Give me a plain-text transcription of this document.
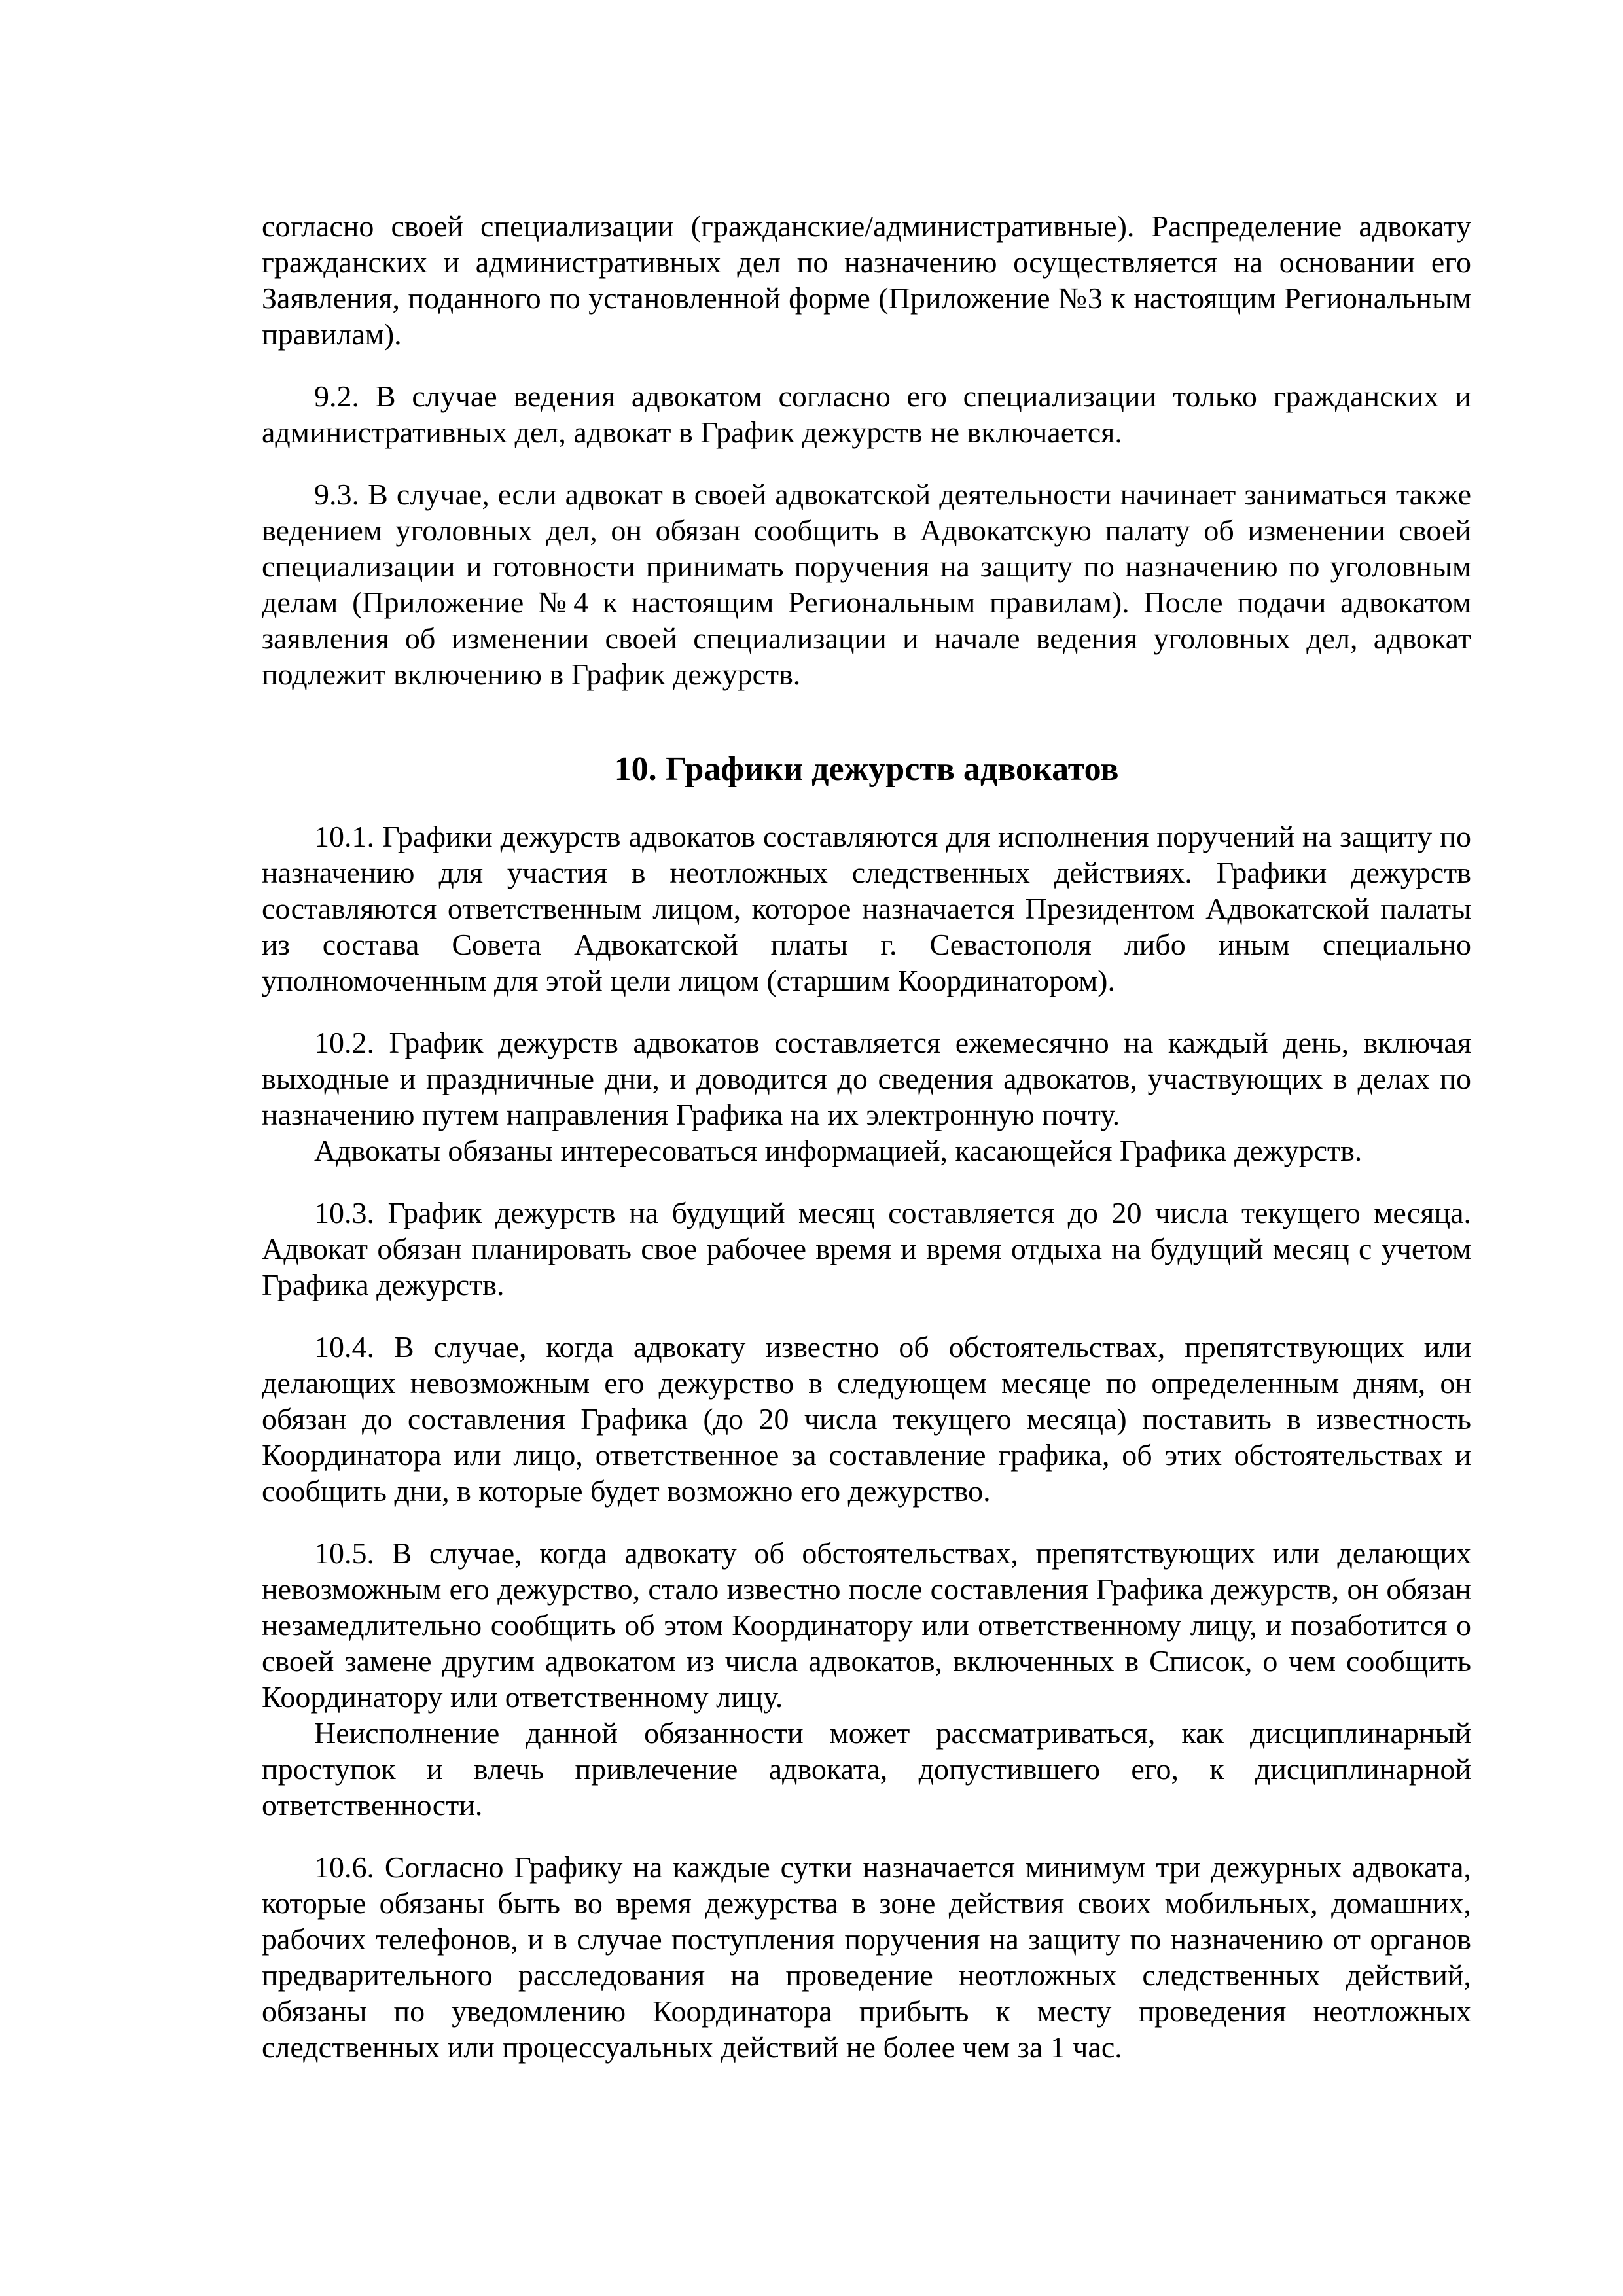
согласно своей специализации (гражданские/административные). Распределение адвокату гражданских и административных дел по назначению осуществляется на основании его Заявления, поданного по установленной форме (Приложение №3 к настоящим Региональным правилам).

9.2. В случае ведения адвокатом согласно его специализации только гражданских и административных дел, адвокат в График дежурств не включается.

9.3. В случае, если адвокат в своей адвокатской деятельности начинает заниматься также ведением уголовных дел, он обязан сообщить в Адвокатскую палату об изменении своей специализации и готовности принимать поручения на защиту по назначению по уголовным делам (Приложение №4 к настоящим Региональным правилам). После подачи адвокатом заявления об изменении своей специализации и начале ведения уголовных дел, адвокат подлежит включению в График дежурств.

10. Графики дежурств адвокатов

10.1. Графики дежурств адвокатов составляются для исполнения поручений на защиту по назначению для участия в неотложных следственных действиях. Графики дежурств составляются ответственным лицом, которое назначается Президентом Адвокатской палаты из состава Совета Адвокатской платы г. Севастополя либо иным специально уполномоченным для этой цели лицом (старшим Координатором).

10.2. График дежурств адвокатов составляется ежемесячно на каждый день, включая выходные и праздничные дни, и доводится до сведения адвокатов, участвующих в делах по назначению путем направления Графика на их электронную почту.

Адвокаты обязаны интересоваться информацией, касающейся Графика дежурств.

10.3. График дежурств на будущий месяц составляется до 20 числа текущего месяца. Адвокат обязан планировать свое рабочее время и время отдыха на будущий месяц с учетом Графика дежурств.

10.4. В случае, когда адвокату известно об обстоятельствах, препятствующих или делающих невозможным его дежурство в следующем месяце по определенным дням, он обязан до составления Графика (до 20 числа текущего месяца) поставить в известность Координатора или лицо, ответственное за составление графика, об этих обстоятельствах и сообщить дни, в которые будет возможно его дежурство.

10.5. В случае, когда адвокату об обстоятельствах, препятствующих или делающих невозможным его дежурство, стало известно после составления Графика дежурств, он обязан незамедлительно сообщить об этом Координатору или ответственному лицу, и позаботится о своей замене другим адвокатом из числа адвокатов, включенных в Список, о чем сообщить Координатору или ответственному лицу.

Неисполнение данной обязанности может рассматриваться, как дисциплинарный проступок и влечь привлечение адвоката, допустившего его, к дисциплинарной ответственности.

10.6. Согласно Графику на каждые сутки назначается минимум три дежурных адвоката, которые обязаны быть во время дежурства в зоне действия своих мобильных, домашних, рабочих телефонов, и в случае поступления поручения на защиту по назначению от органов предварительного расследования на проведение неотложных следственных действий, обязаны по уведомлению Координатора прибыть к месту проведения неотложных следственных или процессуальных действий не более чем за 1 час.
